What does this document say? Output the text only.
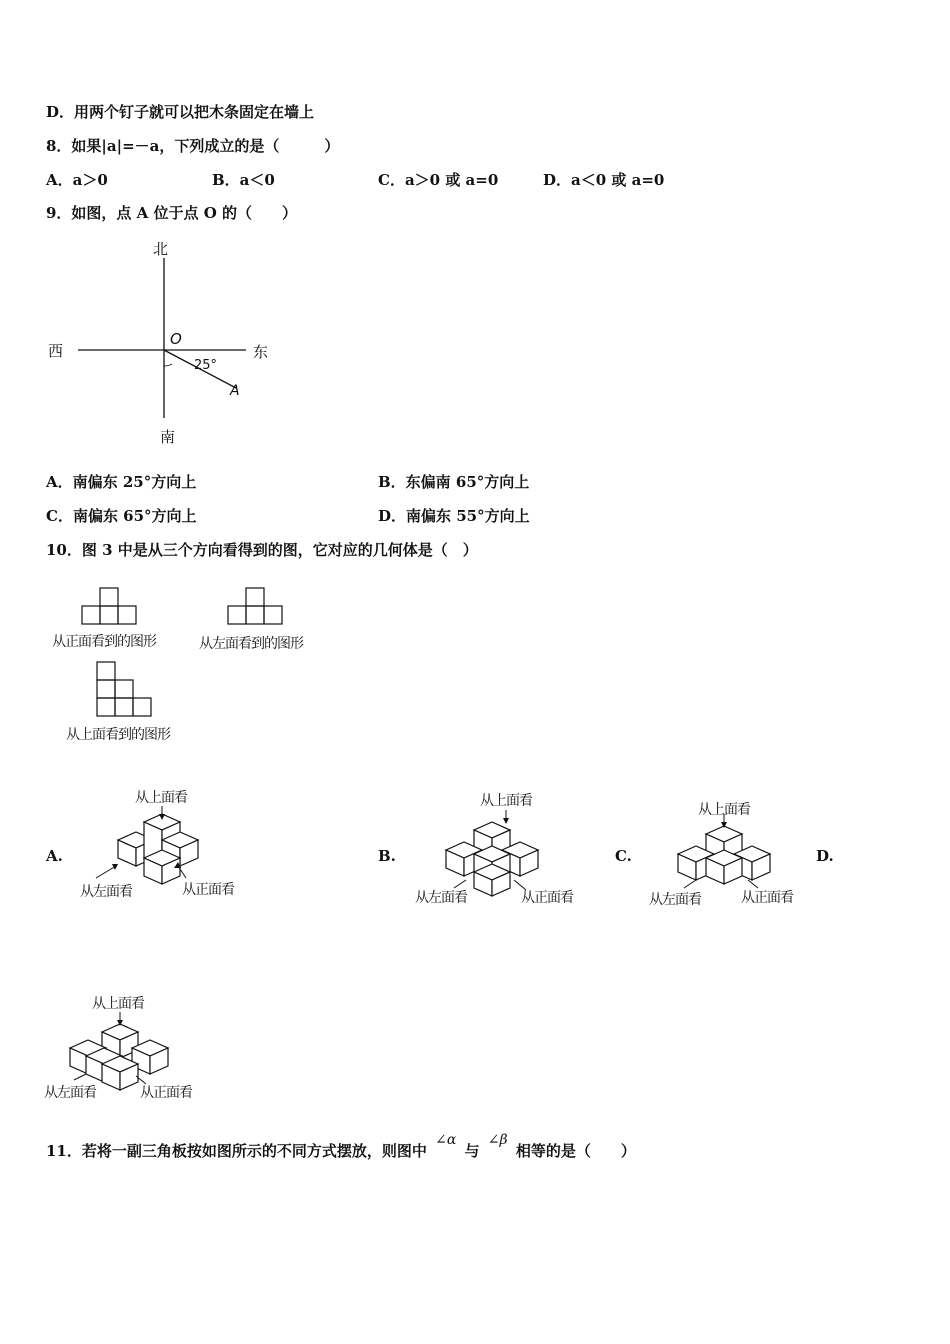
D．用两个钉子就可以把木条固定在墙上
8．如果|a|=－a，下列成立的是（　　　）
A．a＞0	B．a＜0	C．a＞0 或 a=0	D．a＜0 或 a=0
9．如图，点 A 位于点 O 的（　　）
北
南
西	东
O
A
25°
A．南偏东 25°方向上	B．东偏南 65°方向上
C．南偏东 65°方向上	D．南偏东 55°方向上
10．图 3 中是从三个方向看得到的图，它对应的几何体是（　）
从正面看到的图形	从左面看到的图形
从上面看到的图形
A.
从上面看
从左面看	从正面看
B.
从上面看
从左面看	从正面看
C.
从上面看
从左面看	从正面看
D.
从上面看
从左面看	从正面看
11．若将一副三角板按如图所示的不同方式摆放，则图中 ∠α 与 ∠β 相等的是（　　）
